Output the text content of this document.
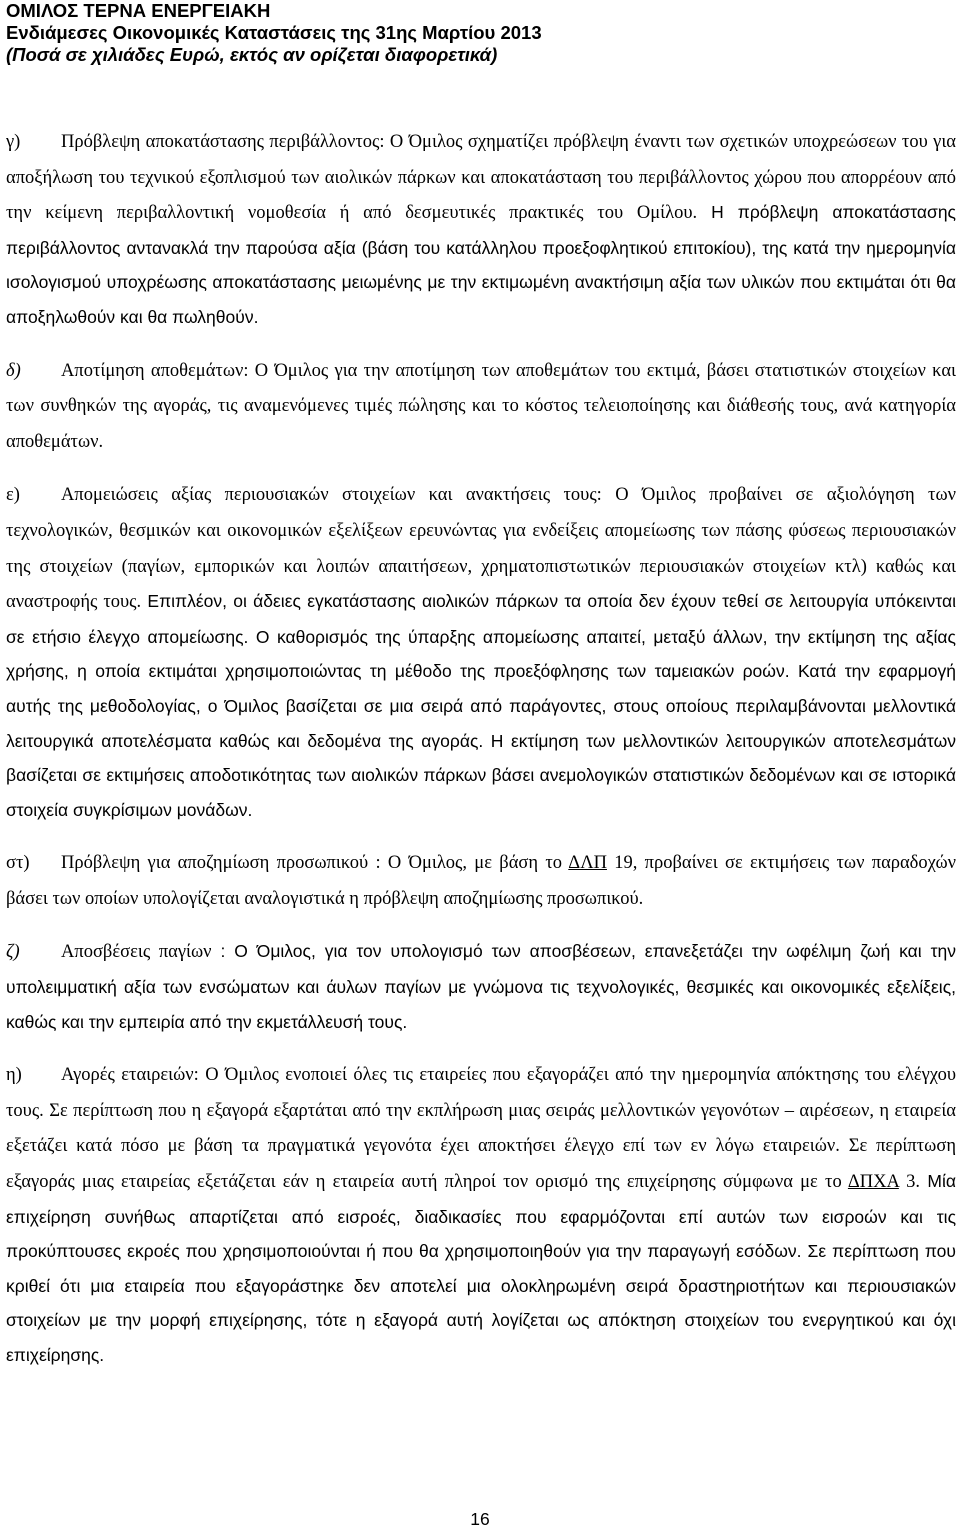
ΟΜΙΛΟΣ ΤΕΡΝΑ ΕΝΕΡΓΕΙΑΚΗ
Ενδιάμεσες Οικονομικές Καταστάσεις της 31ης Μαρτίου 2013
(Ποσά σε χιλιάδες Ευρώ, εκτός αν ορίζεται διαφορετικά)

γ) Πρόβλεψη αποκατάστασης περιβάλλοντος: Ο Όμιλος σχηματίζει πρόβλεψη έναντι των σχετικών υποχρεώσεων του για αποξήλωση του τεχνικού εξοπλισμού των αιολικών πάρκων και αποκατάσταση του περιβάλλοντος χώρου που απορρέουν από την κείμενη περιβαλλοντική νομοθεσία ή από δεσμευτικές πρακτικές του Ομίλου. Η πρόβλεψη αποκατάστασης περιβάλλοντος αντανακλά την παρούσα αξία (βάση του κατάλληλου προεξοφλητικού επιτοκίου), της κατά την ημερομηνία ισολογισμού υποχρέωσης αποκατάστασης μειωμένης με την εκτιμωμένη ανακτήσιμη αξία των υλικών που εκτιμάται ότι θα αποξηλωθούν και θα πωληθούν.

δ) Αποτίμηση αποθεμάτων: Ο Όμιλος για την αποτίμηση των αποθεμάτων του εκτιμά, βάσει στατιστικών στοιχείων και των συνθηκών της αγοράς, τις αναμενόμενες τιμές πώλησης και το κόστος τελειοποίησης και διάθεσής τους, ανά κατηγορία αποθεμάτων.

ε) Απομειώσεις αξίας περιουσιακών στοιχείων και ανακτήσεις τους: Ο Όμιλος προβαίνει σε αξιολόγηση των τεχνολογικών, θεσμικών και οικονομικών εξελίξεων ερευνώντας για ενδείξεις απομείωσης των πάσης φύσεως περιουσιακών της στοιχείων (παγίων, εμπορικών και λοιπών απαιτήσεων, χρηματοπιστωτικών περιουσιακών στοιχείων κτλ) καθώς και αναστροφής τους. Επιπλέον, οι άδειες εγκατάστασης αιολικών πάρκων τα οποία δεν έχουν τεθεί σε λειτουργία υπόκεινται σε ετήσιο έλεγχο απομείωσης. Ο καθορισμός της ύπαρξης απομείωσης απαιτεί, μεταξύ άλλων, την εκτίμηση της αξίας χρήσης, η οποία εκτιμάται χρησιμοποιώντας τη μέθοδο της προεξόφλησης των ταμειακών ροών. Κατά την εφαρμογή αυτής της μεθοδολογίας, ο Όμιλος βασίζεται σε μια σειρά από παράγοντες, στους οποίους περιλαμβάνονται μελλοντικά λειτουργικά αποτελέσματα καθώς και δεδομένα της αγοράς. Η εκτίμηση των μελλοντικών λειτουργικών αποτελεσμάτων βασίζεται σε εκτιμήσεις αποδοτικότητας των αιολικών πάρκων βάσει ανεμολογικών στατιστικών δεδομένων και σε ιστορικά στοιχεία συγκρίσιμων μονάδων.

στ) Πρόβλεψη για αποζημίωση προσωπικού : Ο Όμιλος, με βάση το ΔΛΠ 19, προβαίνει σε εκτιμήσεις των παραδοχών βάσει των οποίων υπολογίζεται αναλογιστικά η πρόβλεψη αποζημίωσης προσωπικού.

ζ) Αποσβέσεις παγίων : Ο Όμιλος, για τον υπολογισμό των αποσβέσεων, επανεξετάζει την ωφέλιμη ζωή και την υπολειμματική αξία των ενσώματων και άυλων παγίων με γνώμονα τις τεχνολογικές, θεσμικές και οικονομικές εξελίξεις, καθώς και την εμπειρία από την εκμετάλλευσή τους.

η) Αγορές εταιρειών: Ο Όμιλος ενοποιεί όλες τις εταιρείες που εξαγοράζει από την ημερομηνία απόκτησης του ελέγχου τους. Σε περίπτωση που η εξαγορά εξαρτάται από την εκπλήρωση μιας σειράς μελλοντικών γεγονότων – αιρέσεων, η εταιρεία εξετάζει κατά πόσο με βάση τα πραγματικά γεγονότα έχει αποκτήσει έλεγχο επί των εν λόγω εταιρειών. Σε περίπτωση εξαγοράς μιας εταιρείας εξετάζεται εάν η εταιρεία αυτή πληροί τον ορισμό της επιχείρησης σύμφωνα με το ΔΠΧΑ 3. Μία επιχείρηση συνήθως απαρτίζεται από εισροές, διαδικασίες που εφαρμόζονται επί αυτών των εισροών και τις προκύπτουσες εκροές που χρησιμοποιούνται ή που θα χρησιμοποιηθούν για την παραγωγή εσόδων. Σε περίπτωση που κριθεί ότι μια εταιρεία που εξαγοράστηκε δεν αποτελεί μια ολοκληρωμένη σειρά δραστηριοτήτων και περιουσιακών στοιχείων με την μορφή επιχείρησης, τότε η εξαγορά αυτή λογίζεται ως απόκτηση στοιχείων του ενεργητικού και όχι επιχείρησης.

16
